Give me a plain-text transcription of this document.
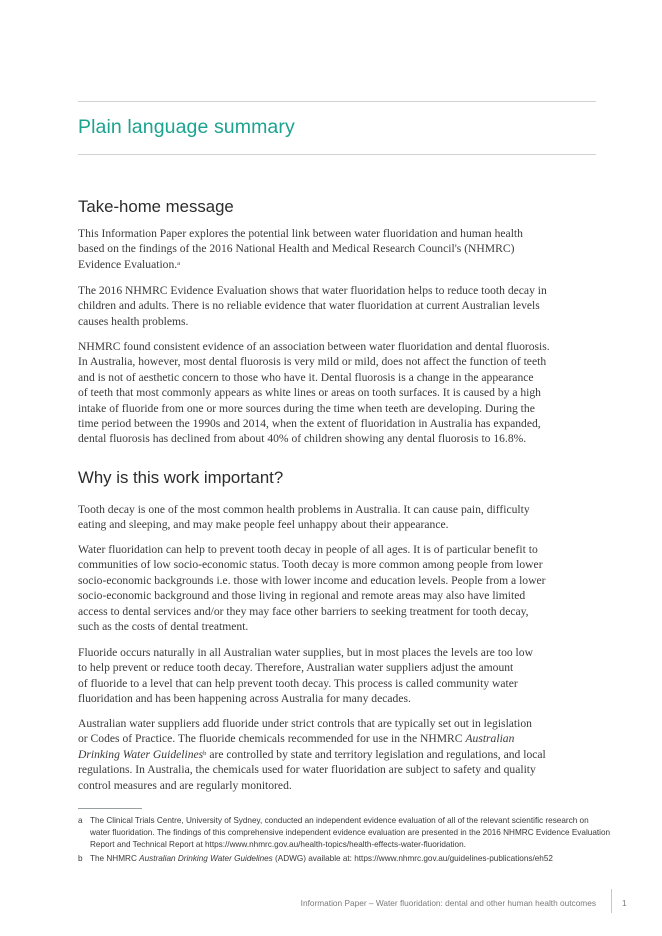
Plain language summary
Take-home message
This Information Paper explores the potential link between water fluoridation and human health
based on the findings of the 2016 National Health and Medical Research Council's (NHMRC)
Evidence Evaluation.$^a$
The 2016 NHMRC Evidence Evaluation shows that water fluoridation helps to reduce tooth decay in
children and adults. There is no reliable evidence that water fluoridation at current Australian levels
causes health problems.
NHMRC found consistent evidence of an association between water fluoridation and dental fluorosis.
In Australia, however, most dental fluorosis is very mild or mild, does not affect the function of teeth
and is not of aesthetic concern to those who have it. Dental fluorosis is a change in the appearance
of teeth that most commonly appears as white lines or areas on tooth surfaces. It is caused by a high
intake of fluoride from one or more sources during the time when teeth are developing. During the
time period between the 1990s and 2014, when the extent of fluoridation in Australia has expanded,
dental fluorosis has declined from about 40% of children showing any dental fluorosis to 16.8%.
Why is this work important?
Tooth decay is one of the most common health problems in Australia. It can cause pain, difficulty
eating and sleeping, and may make people feel unhappy about their appearance.
Water fluoridation can help to prevent tooth decay in people of all ages. It is of particular benefit to
communities of low socio-economic status. Tooth decay is more common among people from lower
socio-economic backgrounds i.e. those with lower income and education levels. People from a lower
socio-economic background and those living in regional and remote areas may also have limited
access to dental services and/or they may face other barriers to seeking treatment for tooth decay,
such as the costs of dental treatment.
Fluoride occurs naturally in all Australian water supplies, but in most places the levels are too low
to help prevent or reduce tooth decay. Therefore, Australian water suppliers adjust the amount
of fluoride to a level that can help prevent tooth decay. This process is called community water
fluoridation and has been happening across Australia for many decades.
Australian water suppliers add fluoride under strict controls that are typically set out in legislation
or Codes of Practice. The fluoride chemicals recommended for use in the NHMRC Australian
Drinking Water Guidelines$^b$ are controlled by state and territory legislation and regulations, and local
regulations. In Australia, the chemicals used for water fluoridation are subject to safety and quality
control measures and are regularly monitored.
a The Clinical Trials Centre, University of Sydney, conducted an independent evidence evaluation of all of the relevant scientific research on
water fluoridation. The findings of this comprehensive independent evidence evaluation are presented in the 2016 NHMRC Evidence Evaluation
Report and Technical Report at https://www.nhmrc.gov.au/health-topics/health-effects-water-fluoridation.
b The NHMRC Australian Drinking Water Guidelines (ADWG) available at: https://www.nhmrc.gov.au/guidelines-publications/eh52
Information Paper – Water fluoridation: dental and other human health outcomes	1
